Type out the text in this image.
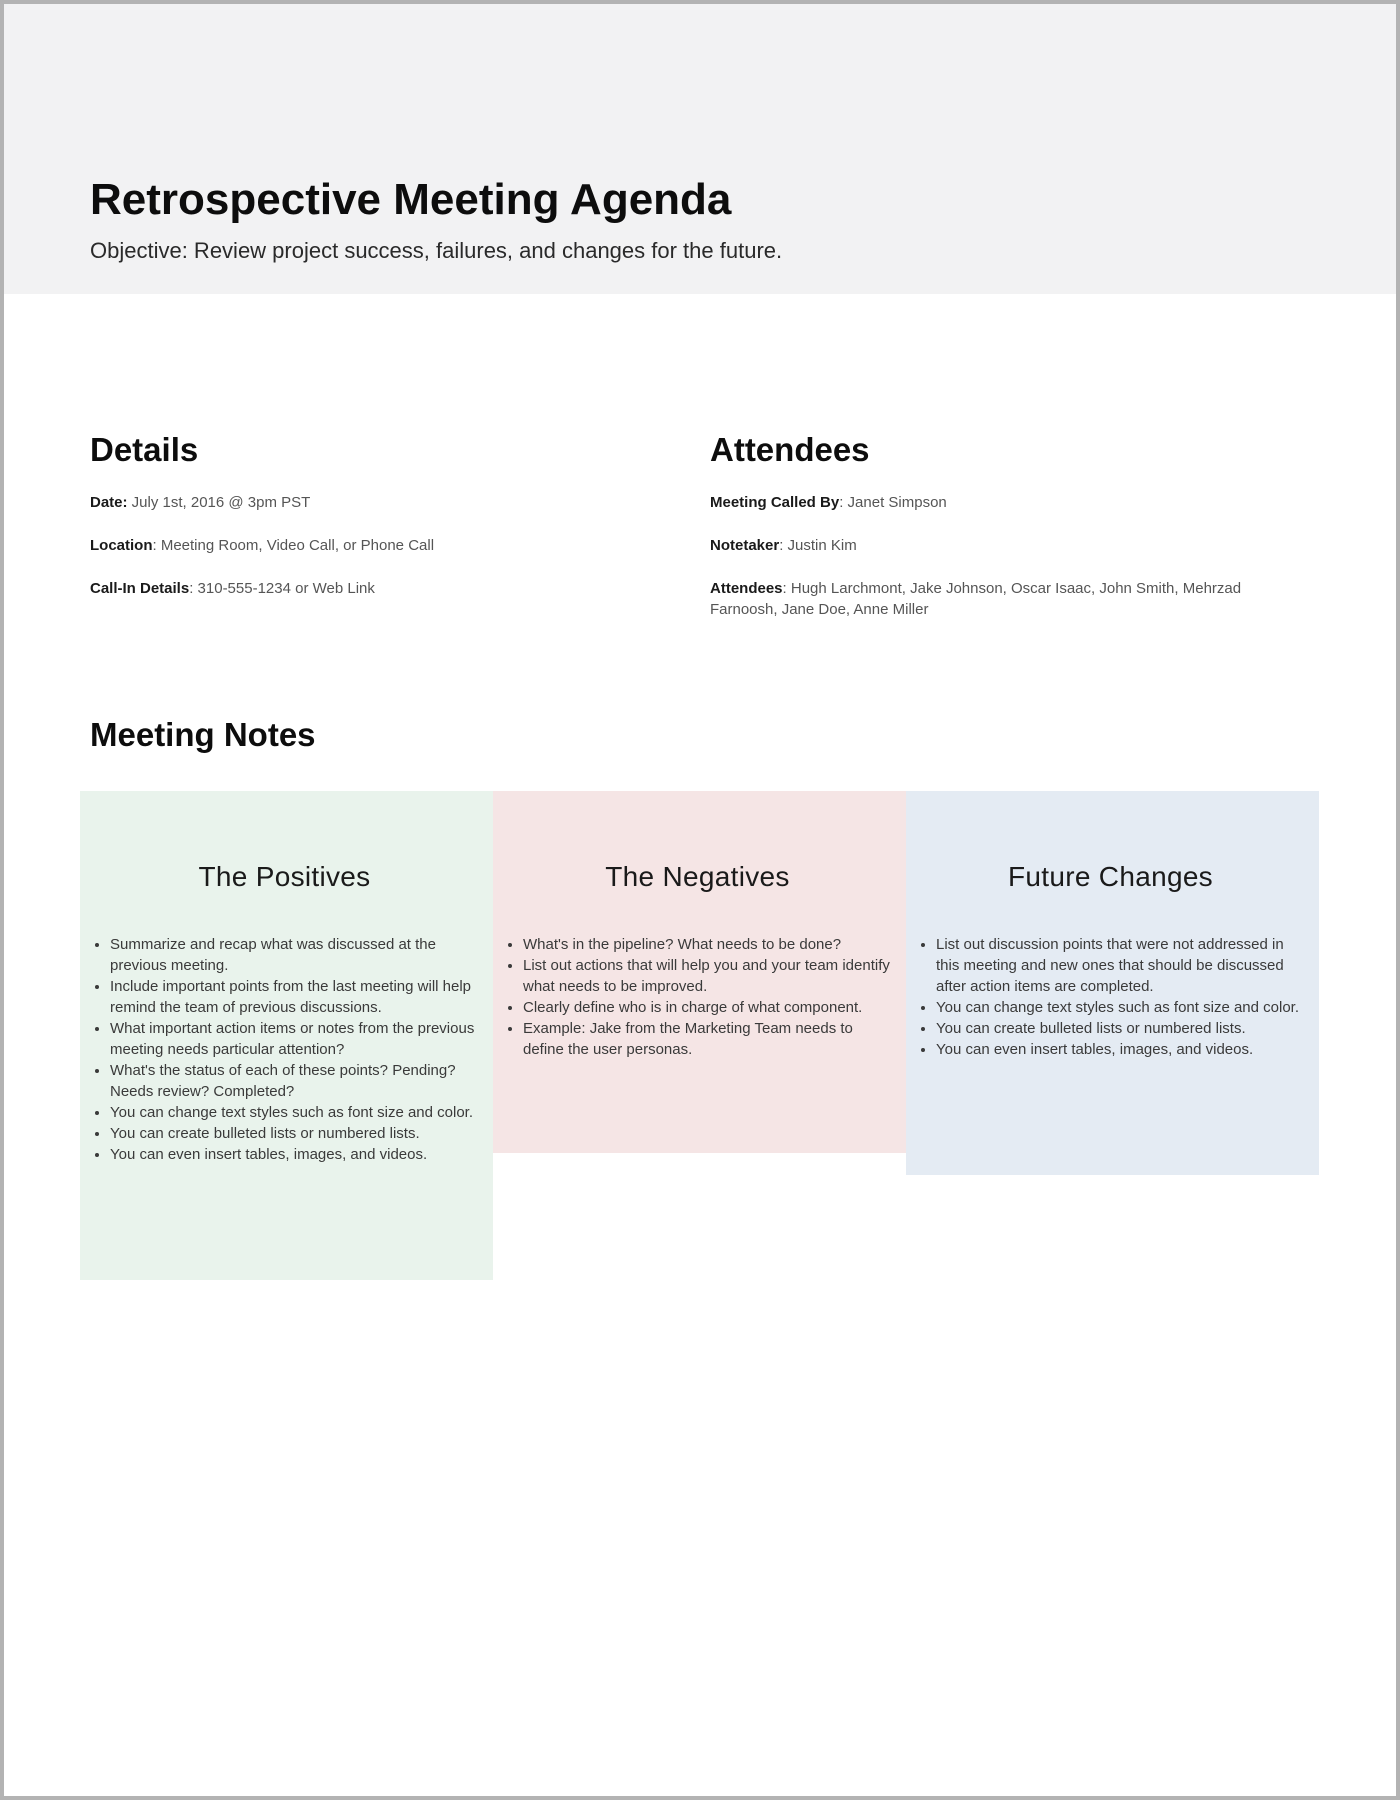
Retrospective Meeting Agenda

Objective: Review project success, failures, and changes for the future.

Details

Date: July 1st, 2016 @ 3pm PST

Location: Meeting Room, Video Call, or Phone Call

Call-In Details: 310-555-1234 or Web Link

Attendees

Meeting Called By: Janet Simpson

Notetaker: Justin Kim

Attendees: Hugh Larchmont, Jake Johnson, Oscar Isaac, John Smith, Mehrzad Farnoosh, Jane Doe, Anne Miller

Meeting Notes
The Positives
• Summarize and recap what was discussed at the previous meeting.
• Include important points from the last meeting will help remind the team of previous discussions.
• What important action items or notes from the previous meeting needs particular attention?
• What's the status of each of these points? Pending? Needs review? Completed?
• You can change text styles such as font size and color.
• You can create bulleted lists or numbered lists.
• You can even insert tables, images, and videos.
The Negatives
• What's in the pipeline? What needs to be done?
• List out actions that will help you and your team identify what needs to be improved.
• Clearly define who is in charge of what component.
• Example: Jake from the Marketing Team needs to define the user personas.
Future Changes
• List out discussion points that were not addressed in this meeting and new ones that should be discussed after action items are completed.
• You can change text styles such as font size and color.
• You can create bulleted lists or numbered lists.
• You can even insert tables, images, and videos.
